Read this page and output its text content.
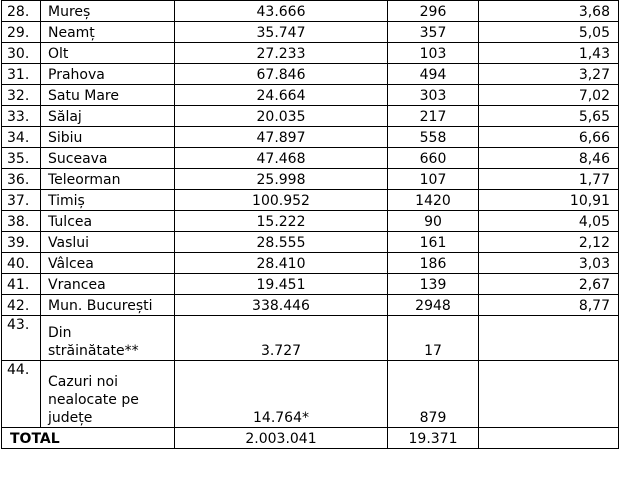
28.	Mureș	43.666	296	3,68
29.	Neamț	35.747	357	5,05
30.	Olt	27.233	103	1,43
31.	Prahova	67.846	494	3,27
32.	Satu Mare	24.664	303	7,02
33.	Sălaj	20.035	217	5,65
34.	Sibiu	47.897	558	6,66
35.	Suceava	47.468	660	8,46
36.	Teleorman	25.998	107	1,77
37.	Timiș	100.952	1420	10,91
38.	Tulcea	15.222	90	4,05
39.	Vaslui	28.555	161	2,12
40.	Vâlcea	28.410	186	3,03
41.	Vrancea	19.451	139	2,67
42.	Mun. București	338.446	2948	8,77
43.	Din
străinătate**	3.727	17	
44.	Cazuri noi
nealocate pe
județe	14.764*	879	
TOTAL		2.003.041	19.371	
